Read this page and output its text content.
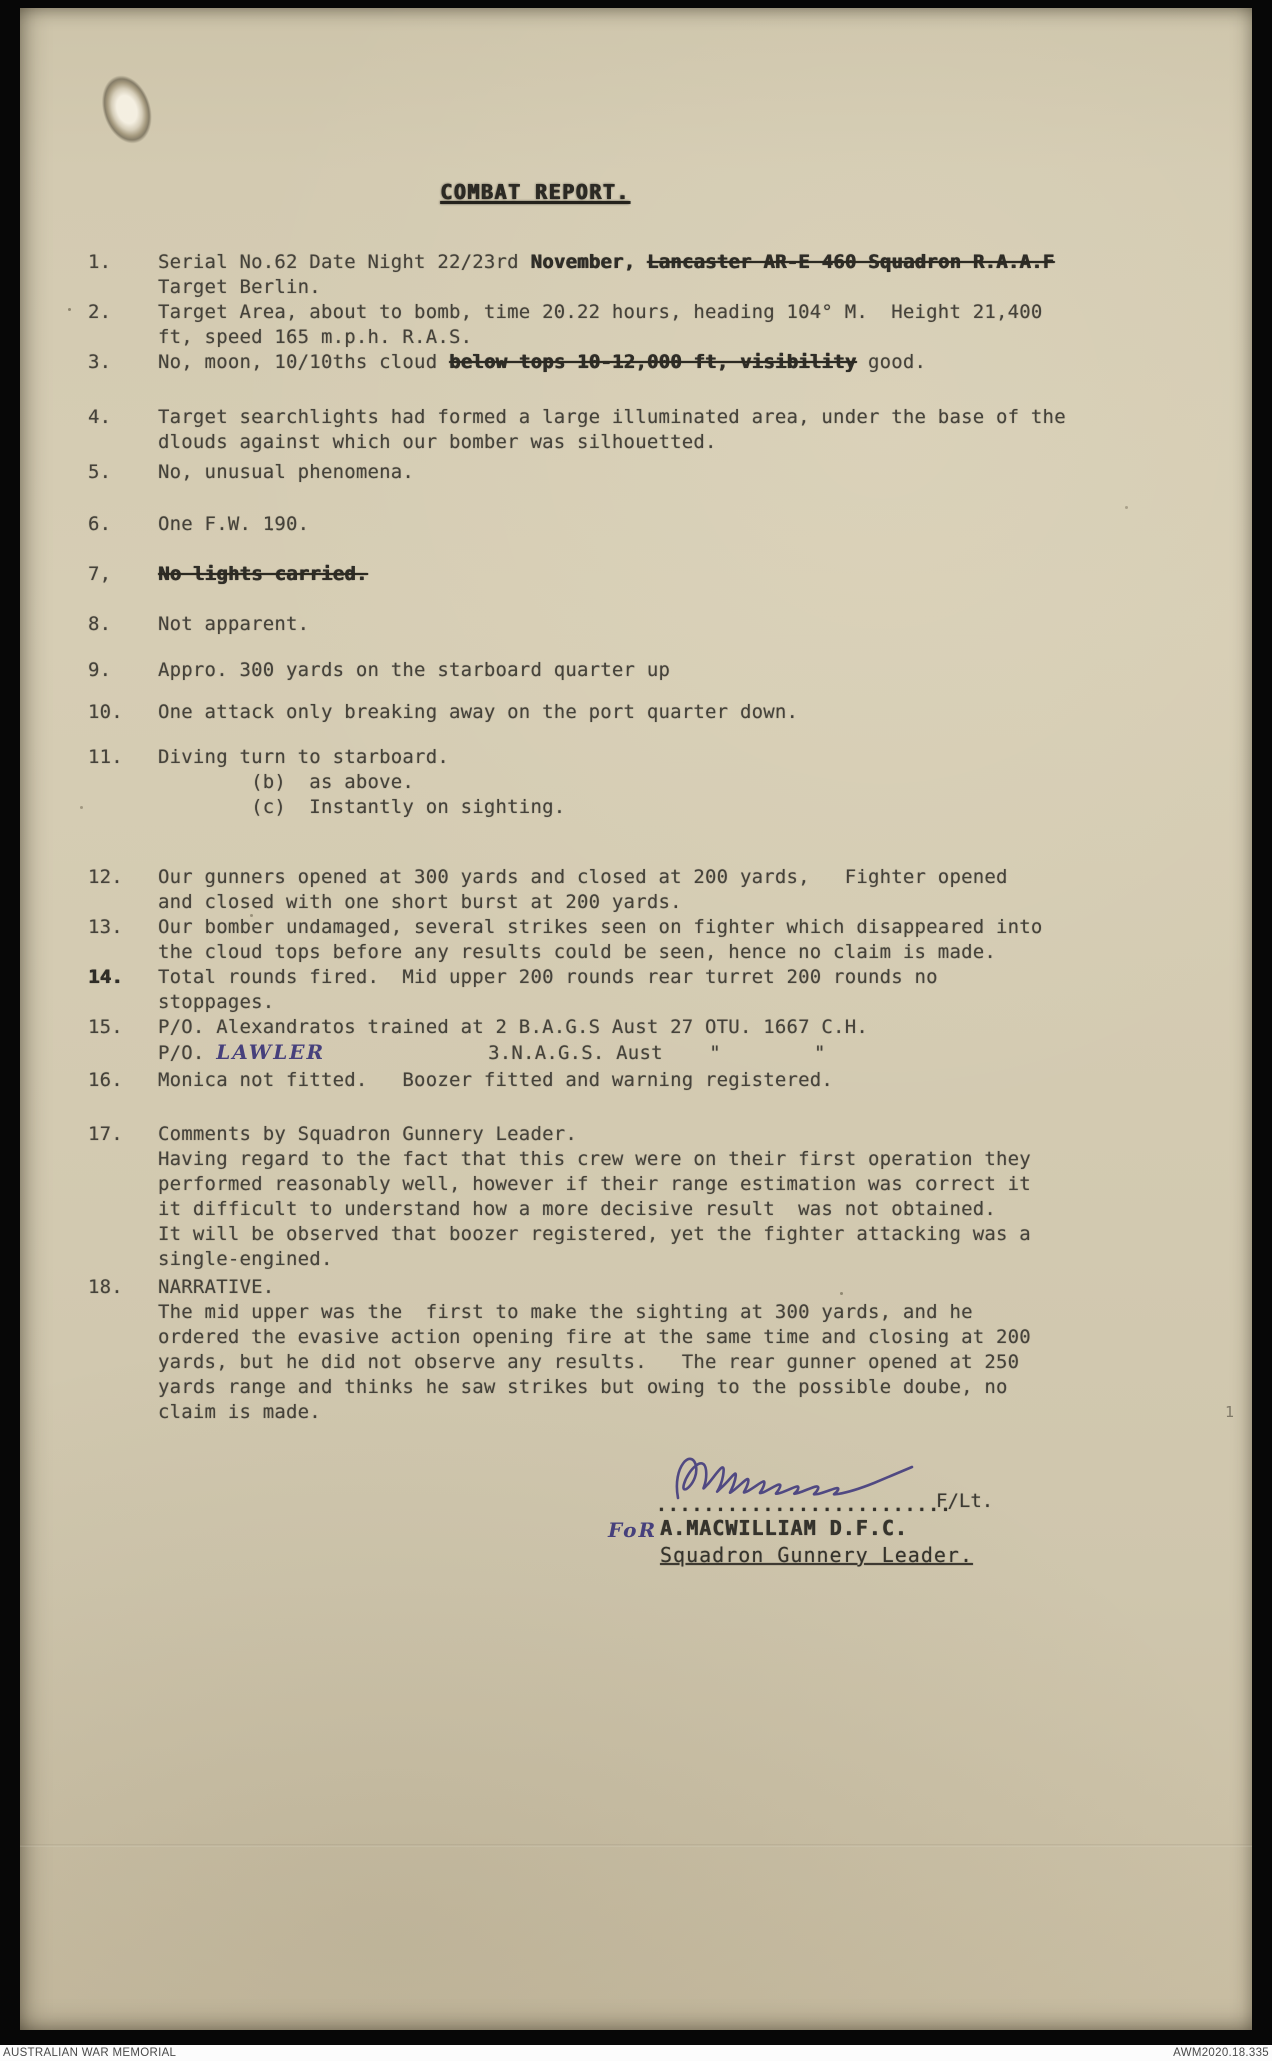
COMBAT REPORT.
1. Serial No.62 Date Night 22/23rd November, Lancaster AR-E 460 Squadron R.A.A.F
Target Berlin.
2. Target Area, about to bomb, time 20.22 hours, heading 104° M.  Height 21,400
ft, speed 165 m.p.h. R.A.S.
3. No, moon, 10/10ths cloud below tops 10-12,000 ft, visibility good.
4. Target searchlights had formed a large illuminated area, under the base of the
dlouds against which our bomber was silhouetted.
5. No, unusual phenomena.
6. One F.W. 190.
7, No lights carried.
8. Not apparent.
9. Appro. 300 yards on the starboard quarter up
10. One attack only breaking away on the port quarter down.
11. Diving turn to starboard.
(b)  as above.
(c)  Instantly on sighting.
12. Our gunners opened at 300 yards and closed at 200 yards,   Fighter opened
and closed with one short burst at 200 yards.
13. Our bomber undamaged, several strikes seen on fighter which disappeared into
the cloud tops before any results could be seen, hence no claim is made.
14. Total rounds fired.  Mid upper 200 rounds rear turret 200 rounds no
stoppages.
15. P/O. Alexandratos trained at 2 B.A.G.S Aust 27 OTU. 1667 C.H.
P/O. LAWLER              3.N.A.G.S. Aust    "        "
16. Monica not fitted.   Boozer fitted and warning registered.
17. Comments by Squadron Gunnery Leader.
Having regard to the fact that this crew were on their first operation they
performed reasonably well, however if their range estimation was correct it
it difficult to understand how a more decisive result  was not obtained.
It will be observed that boozer registered, yet the fighter attacking was a
single-engined.
18. NARRATIVE.
The mid upper was the  first to make the sighting at 300 yards, and he
ordered the evasive action opening fire at the same time and closing at 200
yards, but he did not observe any results.   The rear gunner opened at 250
yards range and thinks he saw strikes but owing to the possible doube, no
claim is made.
.........................
F/Lt.
FoR A.MACWILLIAM D.F.C.
Squadron Gunnery Leader.
1
AUSTRALIAN WAR MEMORIAL	AWM2020.18.335
